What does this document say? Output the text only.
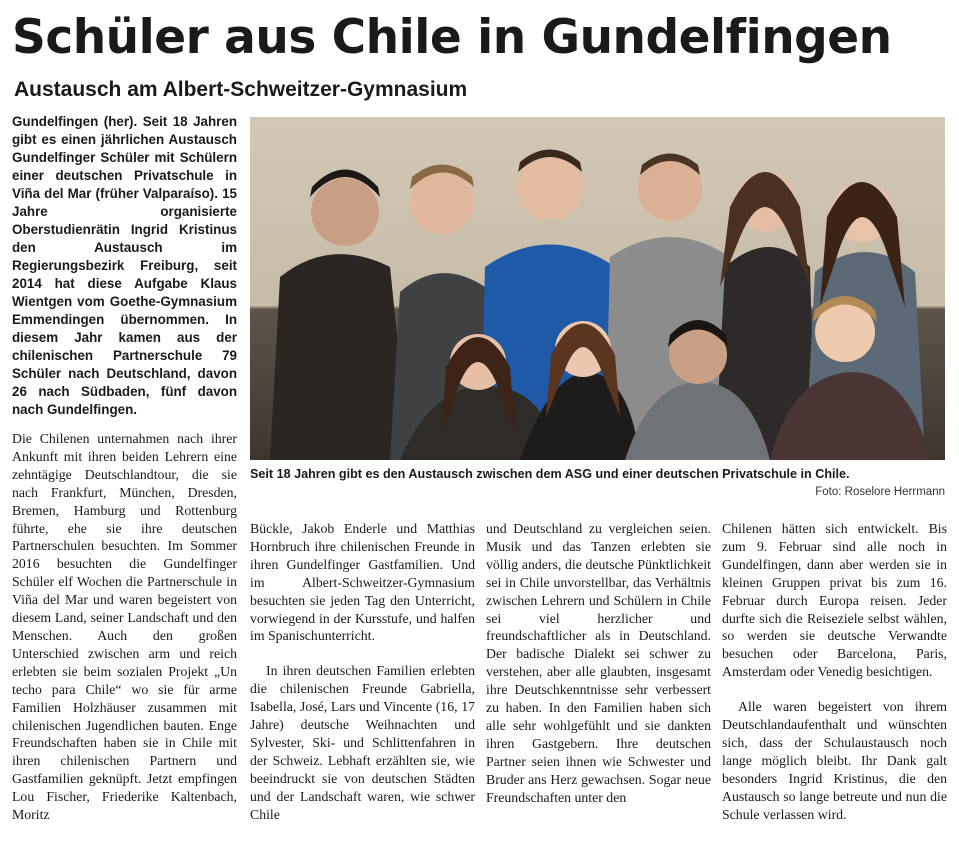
Schüler aus Chile in Gundelfingen
Austausch am Albert-Schweitzer-Gymnasium

Gundelfingen (her). Seit 18 Jahren gibt es einen jährlichen Austausch Gundelfinger Schüler mit Schülern einer deutschen Privatschule in Viña del Mar (früher Valparaíso). 15 Jahre organisierte Oberstudienrätin Ingrid Kristinus den Austausch im Regierungsbezirk Freiburg, seit 2014 hat diese Aufgabe Klaus Wientgen vom Goethe-Gymnasium Emmendingen übernommen. In diesem Jahr kamen aus der chilenischen Partnerschule 79 Schüler nach Deutschland, davon 26 nach Südbaden, fünf davon nach Gundelfingen.

Die Chilenen unternahmen nach ihrer Ankunft mit ihren beiden Lehrern eine zehntägige Deutschlandtour, die sie nach Frankfurt, München, Dresden, Bremen, Hamburg und Rottenburg führte, ehe sie ihre deutschen Partnerschulen besuchten. Im Sommer 2016 besuchten die Gundelfinger Schüler elf Wochen die Partnerschule in Viña del Mar und waren begeistert von diesem Land, seiner Landschaft und den Menschen. Auch den großen Unterschied zwischen arm und reich erlebten sie beim sozialen Projekt „Un techo para Chile“ wo sie für arme Familien Holzhäuser zusammen mit chilenischen Jugendlichen bauten. Enge Freundschaften haben sie in Chile mit ihren chilenischen Partnern und Gastfamilien geknüpft. Jetzt empfingen Lou Fischer, Friederike Kaltenbach, Moritz

Seit 18 Jahren gibt es den Austausch zwischen dem ASG und einer deutschen Privatschule in Chile.

Foto: Roselore Herrmann

Bückle, Jakob Enderle und Matthias Hornbruch ihre chilenischen Freunde in ihren Gundelfinger Gastfamilien. Und im Albert-Schweitzer-Gymnasium besuchten sie jeden Tag den Unterricht, vorwiegend in der Kursstufe, und halfen im Spanischunterricht.

In ihren deutschen Familien erlebten die chilenischen Freunde Gabriella, Isabella, José, Lars und Vincente (16, 17 Jahre) deutsche Weihnachten und Sylvester, Ski- und Schlittenfahren in der Schweiz. Lebhaft erzählten sie, wie beeindruckt sie von deutschen Städten und der Landschaft waren, wie schwer Chile

und Deutschland zu vergleichen seien. Musik und das Tanzen erlebten sie völlig anders, die deutsche Pünktlichkeit sei in Chile unvorstellbar, das Verhältnis zwischen Lehrern und Schülern in Chile sei viel herzlicher und freundschaftlicher als in Deutschland. Der badische Dialekt sei schwer zu verstehen, aber alle glaubten, insgesamt ihre Deutschkenntnisse sehr verbessert zu haben. In den Familien haben sich alle sehr wohlgefühlt und sie dankten ihren Gastgebern. Ihre deutschen Partner seien ihnen wie Schwester und Bruder ans Herz gewachsen. Sogar neue Freundschaften unter den

Chilenen hätten sich entwickelt. Bis zum 9. Februar sind alle noch in Gundelfingen, dann aber werden sie in kleinen Gruppen privat bis zum 16. Februar durch Europa reisen. Jeder durfte sich die Reiseziele selbst wählen, so werden sie deutsche Verwandte besuchen oder Barcelona, Paris, Amsterdam oder Venedig besichtigen.

Alle waren begeistert von ihrem Deutschlandaufenthalt und wünschten sich, dass der Schulaustausch noch lange möglich bleibt. Ihr Dank galt besonders Ingrid Kristinus, die den Austausch so lange betreute und nun die Schule verlassen wird.
